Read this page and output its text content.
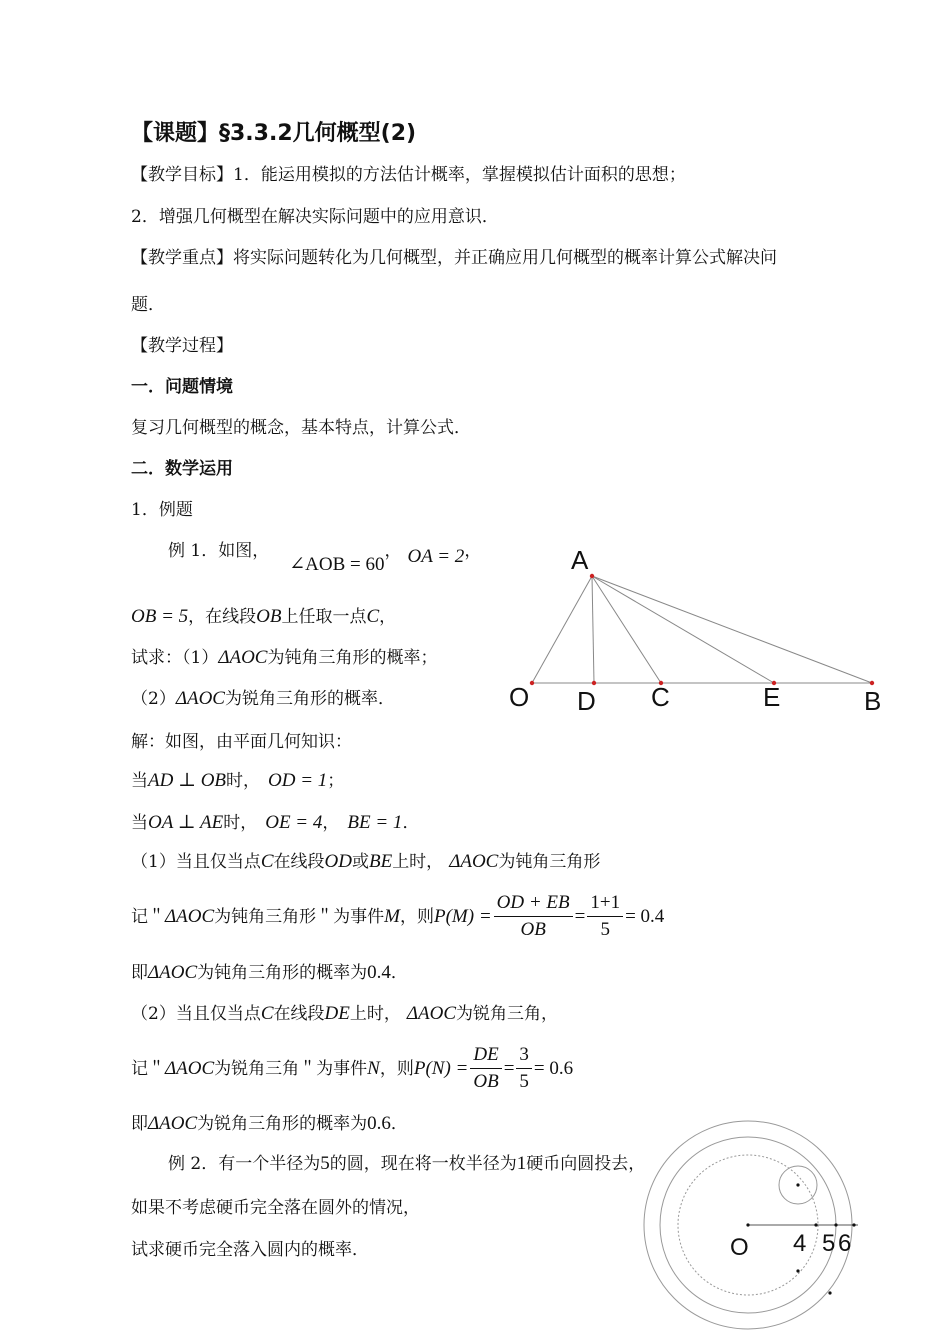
【课题】§3.3.2几何概型(2)
【教学目标】1．能运用模拟的方法估计概率，掌握模拟估计面积的思想；
2．增强几何概型在解决实际问题中的应用意识．
【教学重点】将实际问题转化为几何概型，并正确应用几何概型的概率计算公式解决问
题．
【教学过程】
一．问题情境
复习几何概型的概念，基本特点，计算公式．
二．数学运用
1．例题
例 1．如图，
∠AOB = 60
， OA = 2 ，
OB = 5 ，在线段 OB 上任取一点 C ，
试求：（1） ΔAOC 为钝角三角形的概率；
（2） ΔAOC 为锐角三角形的概率．
解：如图，由平面几何知识：
当 AD ⊥ OB 时， OD = 1 ；
当 OA ⊥ AE 时， OE = 4 ， BE = 1 ．
（1）当且仅当点 C 在线段 OD 或 BE 上时， ΔAOC 为钝角三角形
记＂ ΔAOC 为钝角三角形＂为事件 M ，则 $P(M) = \frac{OD + EB}{OB} = \frac{1+1}{5} = 0.4$
即 ΔAOC 为钝角三角形的概率为 0.4 ．
（2）当且仅当点 C 在线段 DE 上时， ΔAOC 为锐角三角，
记＂ ΔAOC 为锐角三角＂为事件 N ，则 $P(N) = \frac{DE}{OB} = \frac{3}{5} = 0.6$
即 ΔAOC 为锐角三角形的概率为 0.6 ．
例 2．有一个半径为 5 的圆，现在将一枚半径为 1 硬币向圆投去，
如果不考虑硬币完全落在圆外的情况，
试求硬币完全落入圆内的概率．
A
O D C	E	B
O 4 5 6
